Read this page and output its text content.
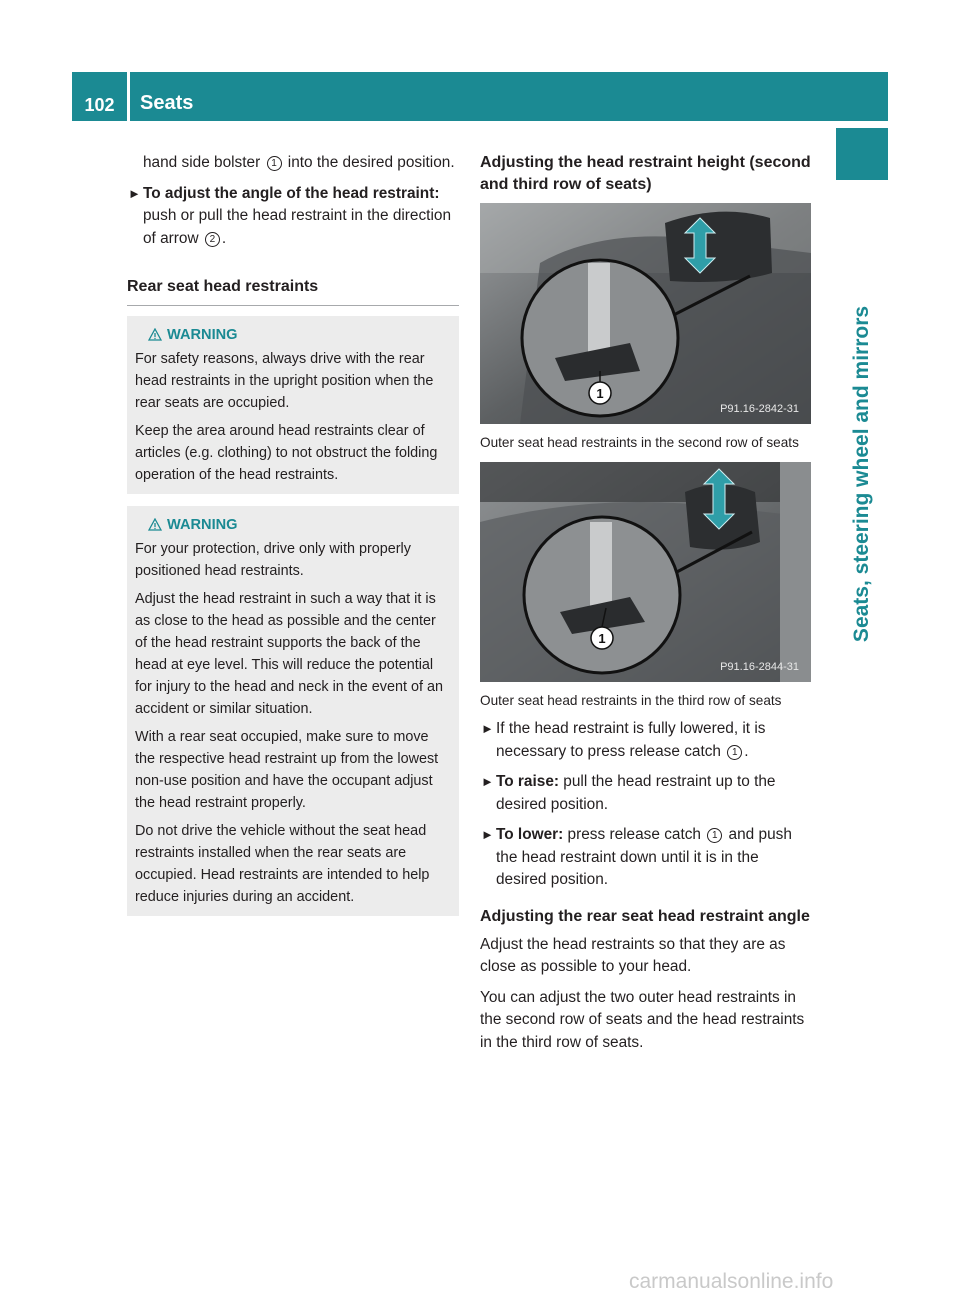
102	Seats
Seats, steering wheel and mirrors

hand side bolster 1 into the desired position.

► To adjust the angle of the head restraint: push or pull the head restraint in the direction of arrow 2 .

Rear seat head restraints

WARNING

For safety reasons, always drive with the rear head restraints in the upright position when the rear seats are occupied.

Keep the area around head restraints clear of articles (e.g. clothing) to not obstruct the folding operation of the head restraints.

WARNING

For your protection, drive only with properly positioned head restraints.

Adjust the head restraint in such a way that it is as close to the head as possible and the center of the head restraint supports the back of the head at eye level. This will reduce the potential for injury to the head and neck in the event of an accident or similar situation.

With a rear seat occupied, make sure to move the respective head restraint up from the lowest non-use position and have the occupant adjust the head restraint properly.

Do not drive the vehicle without the seat head restraints installed when the rear seats are occupied. Head restraints are intended to help reduce injuries during an accident.

Adjusting the head restraint height (second and third row of seats)

1
P91.16-2842-31

Outer seat head restraints in the second row of seats

1
P91.16-2844-31

Outer seat head restraints in the third row of seats

► If the head restraint is fully lowered, it is necessary to press release catch 1 .

► To raise: pull the head restraint up to the desired position.

► To lower: press release catch 1 and push the head restraint down until it is in the desired position.

Adjusting the rear seat head restraint angle

Adjust the head restraints so that they are as close as possible to your head.

You can adjust the two outer head restraints in the second row of seats and the head restraints in the third row of seats.

carmanualsonline.info
